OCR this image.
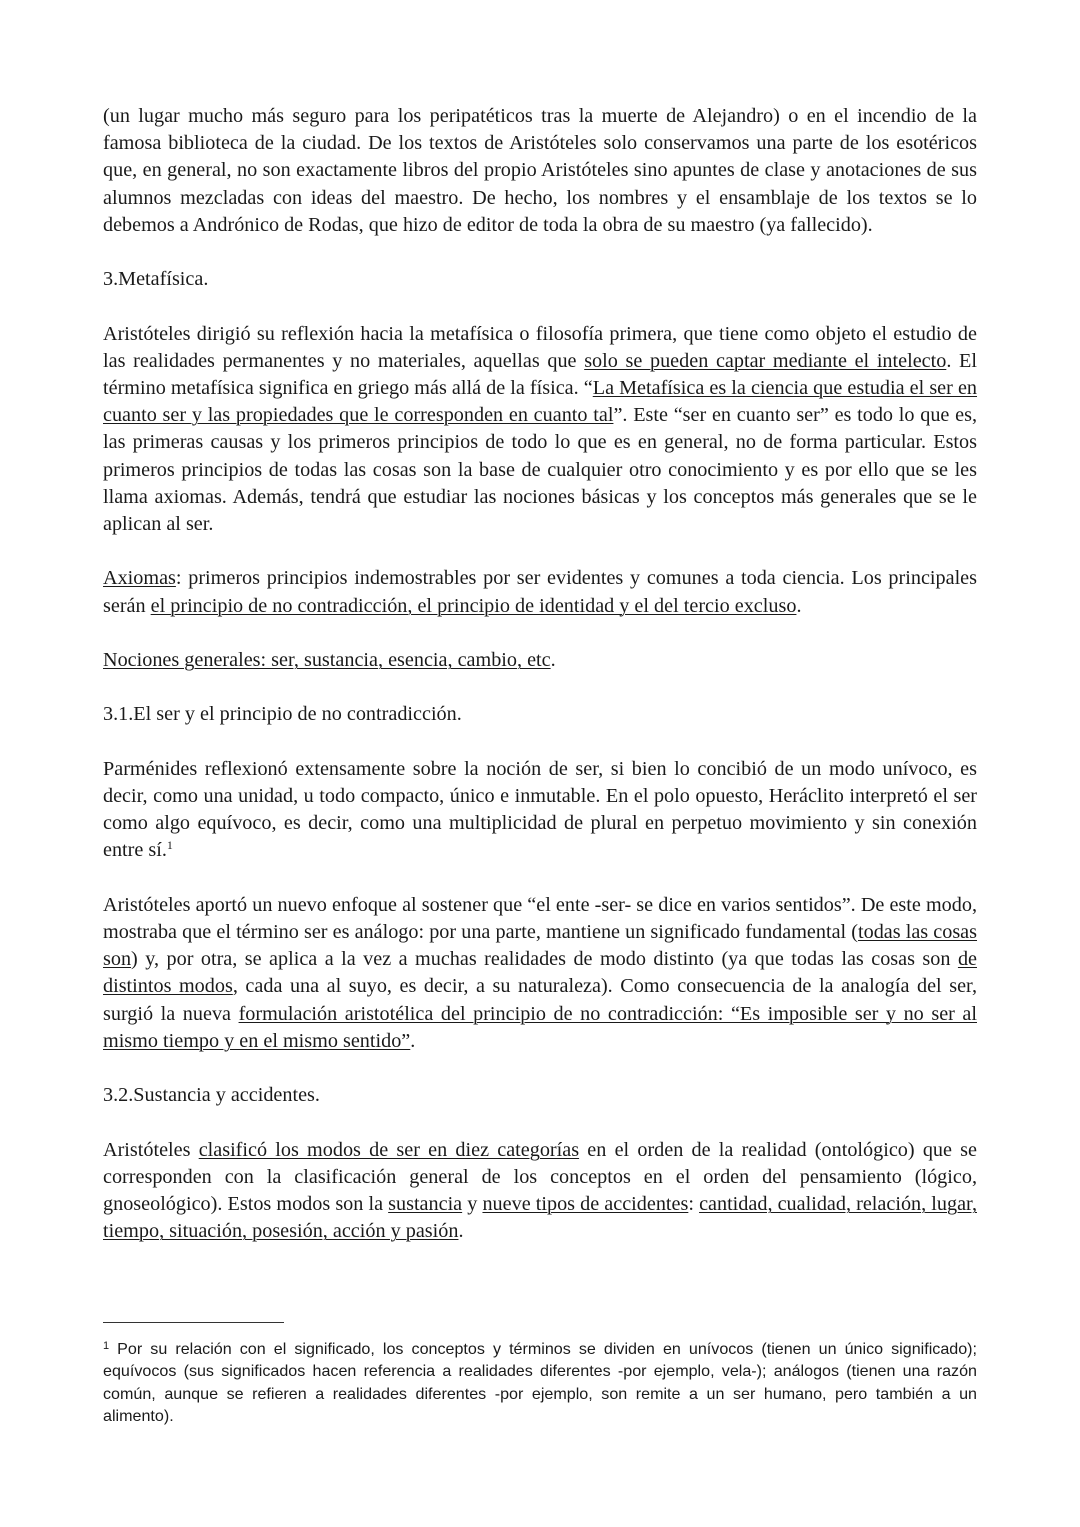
(un lugar mucho más seguro para los peripatéticos tras la muerte de Alejandro) o en el incendio de la famosa biblioteca de la ciudad. De los textos de Aristóteles solo conservamos una parte de los esotéricos que, en general, no son exactamente libros del propio Aristóteles sino apuntes de clase y anotaciones de sus alumnos mezcladas con ideas del maestro. De hecho, los nombres y el ensamblaje de los textos se lo debemos a Andrónico de Rodas, que hizo de editor de toda la obra de su maestro (ya fallecido).

3.Metafísica.

Aristóteles dirigió su reflexión hacia la metafísica o filosofía primera, que tiene como objeto el estudio de las realidades permanentes y no materiales, aquellas que solo se pueden captar mediante el intelecto. El término metafísica significa en griego más allá de la física. “La Metafísica es la ciencia que estudia el ser en cuanto ser y las propiedades que le corresponden en cuanto tal”. Este “ser en cuanto ser” es todo lo que es, las primeras causas y los primeros principios de todo lo que es en general, no de forma particular. Estos primeros principios de todas las cosas son la base de cualquier otro conocimiento y es por ello que se les llama axiomas. Además, tendrá que estudiar las nociones básicas y los conceptos más generales que se le aplican al ser.

Axiomas: primeros principios indemostrables por ser evidentes y comunes a toda ciencia. Los principales serán el principio de no contradicción, el principio de identidad y el del tercio excluso.

Nociones generales: ser, sustancia, esencia, cambio, etc.

3.1.El ser y el principio de no contradicción.

Parménides reflexionó extensamente sobre la noción de ser, si bien lo concibió de un modo unívoco, es decir, como una unidad, u todo compacto, único e inmutable. En el polo opuesto, Heráclito interpretó el ser como algo equívoco, es decir, como una multiplicidad de plural en perpetuo movimiento y sin conexión entre sí.$^1$

Aristóteles aportó un nuevo enfoque al sostener que “el ente -ser- se dice en varios sentidos”. De este modo, mostraba que el término ser es análogo: por una parte, mantiene un significado fundamental (todas las cosas son) y, por otra, se aplica a la vez a muchas realidades de modo distinto (ya que todas las cosas son de distintos modos, cada una al suyo, es decir, a su naturaleza). Como consecuencia de la analogía del ser, surgió la nueva formulación aristotélica del principio de no contradicción: “Es imposible ser y no ser al mismo tiempo y en el mismo sentido”.

3.2.Sustancia y accidentes.

Aristóteles clasificó los modos de ser en diez categorías en el orden de la realidad (ontológico) que se corresponden con la clasificación general de los conceptos en el orden del pensamiento (lógico, gnoseológico). Estos modos son la sustancia y nueve tipos de accidentes: cantidad, cualidad, relación, lugar, tiempo, situación, posesión, acción y pasión.

$^1$ Por su relación con el significado, los conceptos y términos se dividen en unívocos (tienen un único significado); equívocos (sus significados hacen referencia a realidades diferentes -por ejemplo, vela-); análogos (tienen una razón común, aunque se refieren a realidades diferentes -por ejemplo, son remite a un ser humano, pero también a un alimento).
